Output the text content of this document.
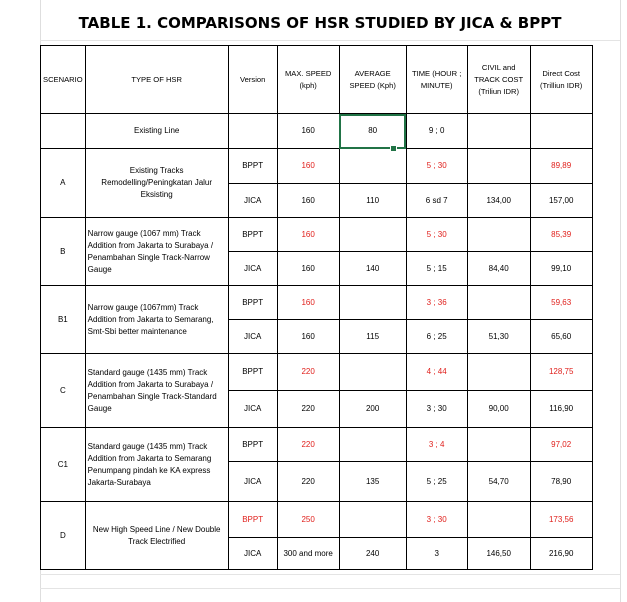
TABLE 1. COMPARISONS OF HSR STUDIED BY JICA & BPPT
SCENARIO	TYPE OF HSR	Version	MAX. SPEED (kph)	AVERAGE SPEED (Kph)	TIME (HOUR ; MINUTE)	CIVIL and TRACK COST (Triliun IDR)	Direct Cost (Trilliun IDR)
	Existing Line		160	80	9 ; 0		
A	Existing Tracks Remodelling/Peningkatan Jalur Eksisting	BPPT	160		5 ; 30		89,89
		JICA	160	110	6 sd 7	134,00	157,00
B	Narrow gauge (1067 mm) Track Addition from Jakarta to Surabaya / Penambahan Single Track-Narrow Gauge	BPPT	160		5 ; 30		85,39
		JICA	160	140	5 ; 15	84,40	99,10
B1	Narrow gauge (1067mm) Track Addition from Jakarta to Semarang, Smt-Sbi better maintenance	BPPT	160		3 ; 36		59,63
		JICA	160	115	6 ; 25	51,30	65,60
C	Standard gauge (1435 mm) Track Addition from Jakarta to Surabaya / Penambahan Single Track-Standard Gauge	BPPT	220		4 ; 44		128,75
		JICA	220	200	3 ; 30	90,00	116,90
C1	Standard gauge (1435 mm) Track Addition from Jakarta to Semarang Penumpang pindah ke KA express Jakarta-Surabaya	BPPT	220		3 ; 4		97,02
		JICA	220	135	5 ; 25	54,70	78,90
D	New High Speed Line / New Double Track Electrified	BPPT	250		3 ; 30		173,56
		JICA	300 and more	240	3	146,50	216,90
